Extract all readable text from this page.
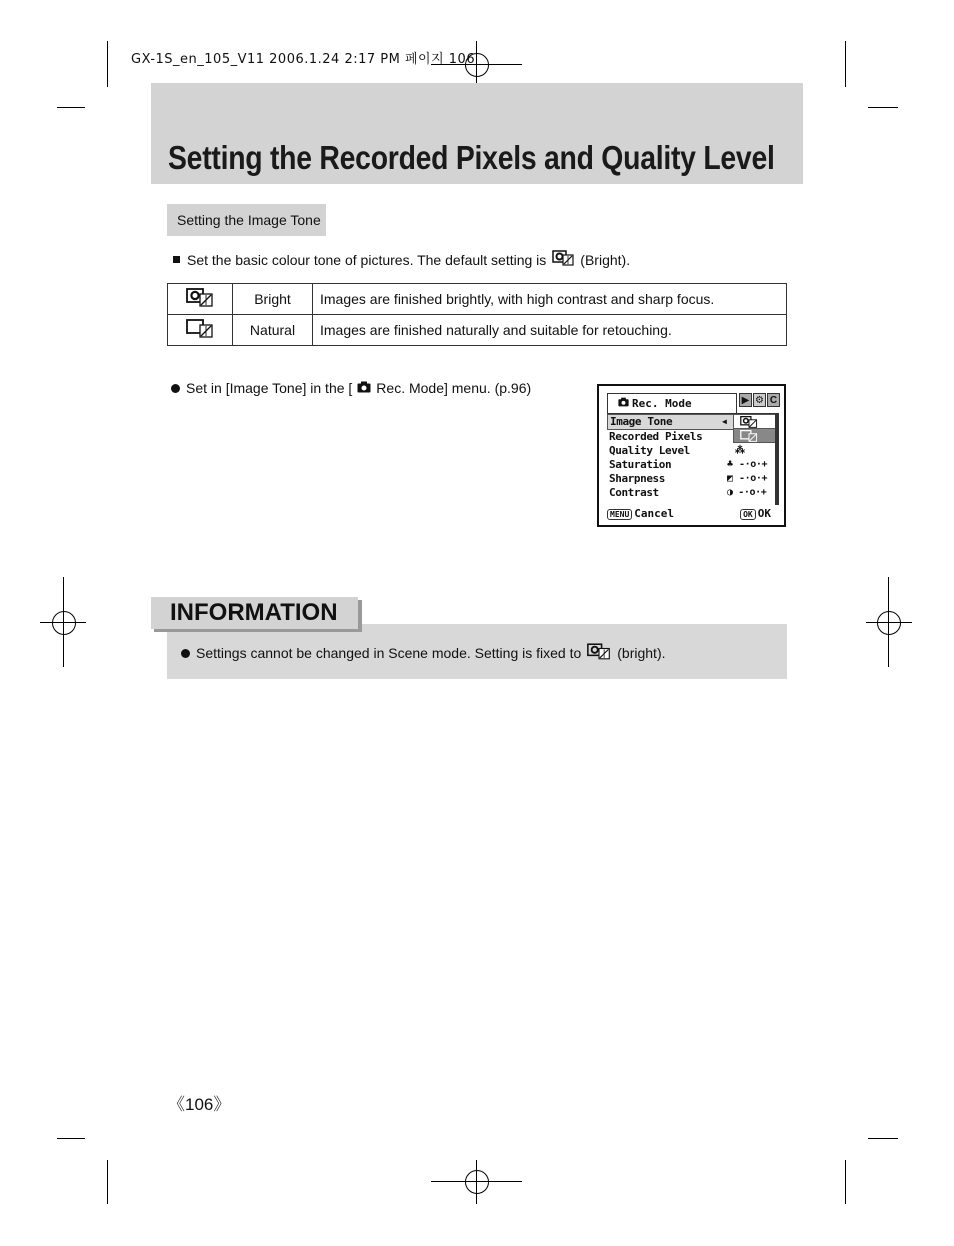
GX-1S_en_105_V11 2006.1.24 2:17 PM 페이지 106
Setting the Recorded Pixels and Quality Level
Setting the Image Tone
Set the basic colour tone of pictures. The default setting is (Bright).
	Bright	Images are finished brightly, with high contrast and sharp focus.
	Natural	Images are finished naturally and suitable for retouching.
Set in [Image Tone] in the [ Rec. Mode] menu. (p.96)
Rec. Mode	▶ ⚙ C
Image Tone	◀
Recorded Pixels
Quality Level	⁂
Saturation	♣ -·o·+
Sharpness	◩ -·o·+
Contrast	◑ -·o·+
MENU Cancel	OK OK
INFORMATION
Settings cannot be changed in Scene mode. Setting is fixed to	(bright).
《106》
